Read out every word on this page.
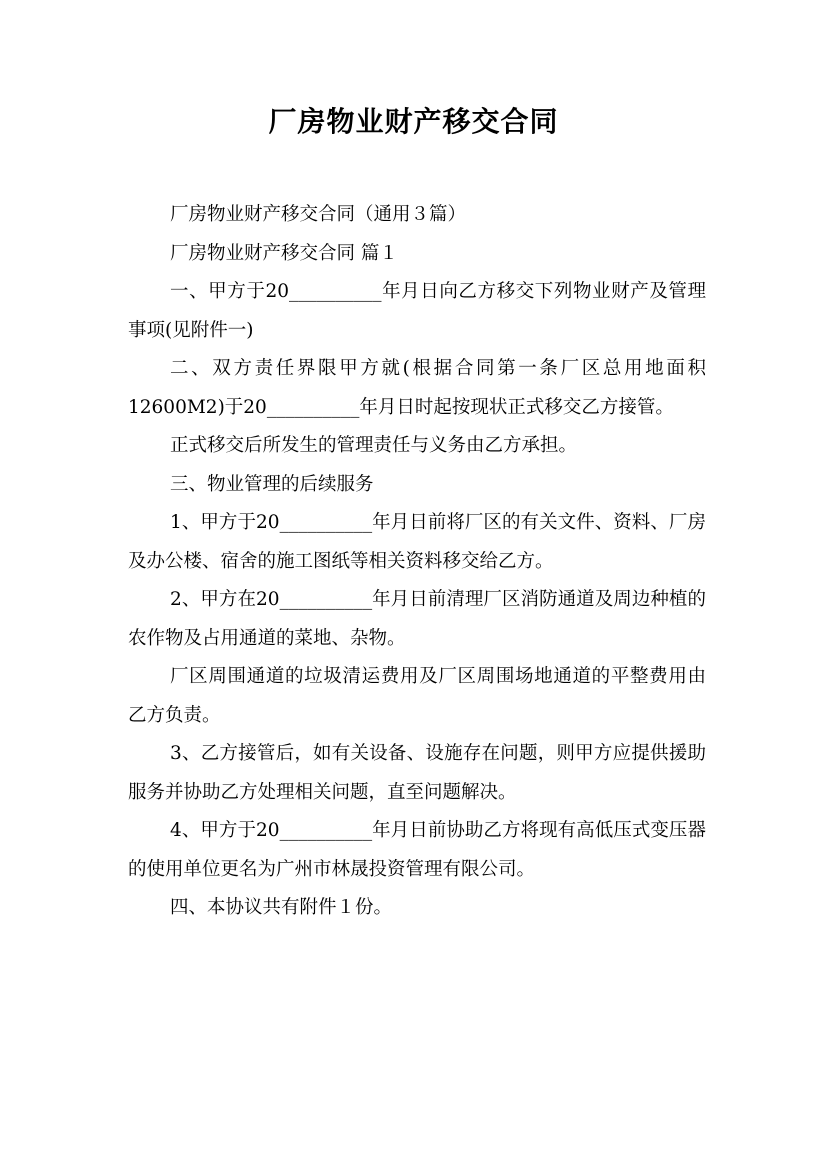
厂房物业财产移交合同

厂房物业财产移交合同（通用３篇）

厂房物业财产移交合同 篇１

一、甲方于20__________年月日向乙方移交下列物业财产及管理事项(见附件一)

二、双方责任界限甲方就(根据合同第一条厂区总用地面积12600M2)于20__________年月日时起按现状正式移交乙方接管。

正式移交后所发生的管理责任与义务由乙方承担。

三、物业管理的后续服务

1、甲方于20__________年月日前将厂区的有关文件、资料、厂房及办公楼、宿舍的施工图纸等相关资料移交给乙方。

2、甲方在20__________年月日前清理厂区消防通道及周边种植的农作物及占用通道的菜地、杂物。

厂区周围通道的垃圾清运费用及厂区周围场地通道的平整费用由乙方负责。

3、乙方接管后，如有关设备、设施存在问题，则甲方应提供援助服务并协助乙方处理相关问题，直至问题解决。

4、甲方于20__________年月日前协助乙方将现有高低压式变压器的使用单位更名为广州市林晟投资管理有限公司。

四、本协议共有附件１份。
